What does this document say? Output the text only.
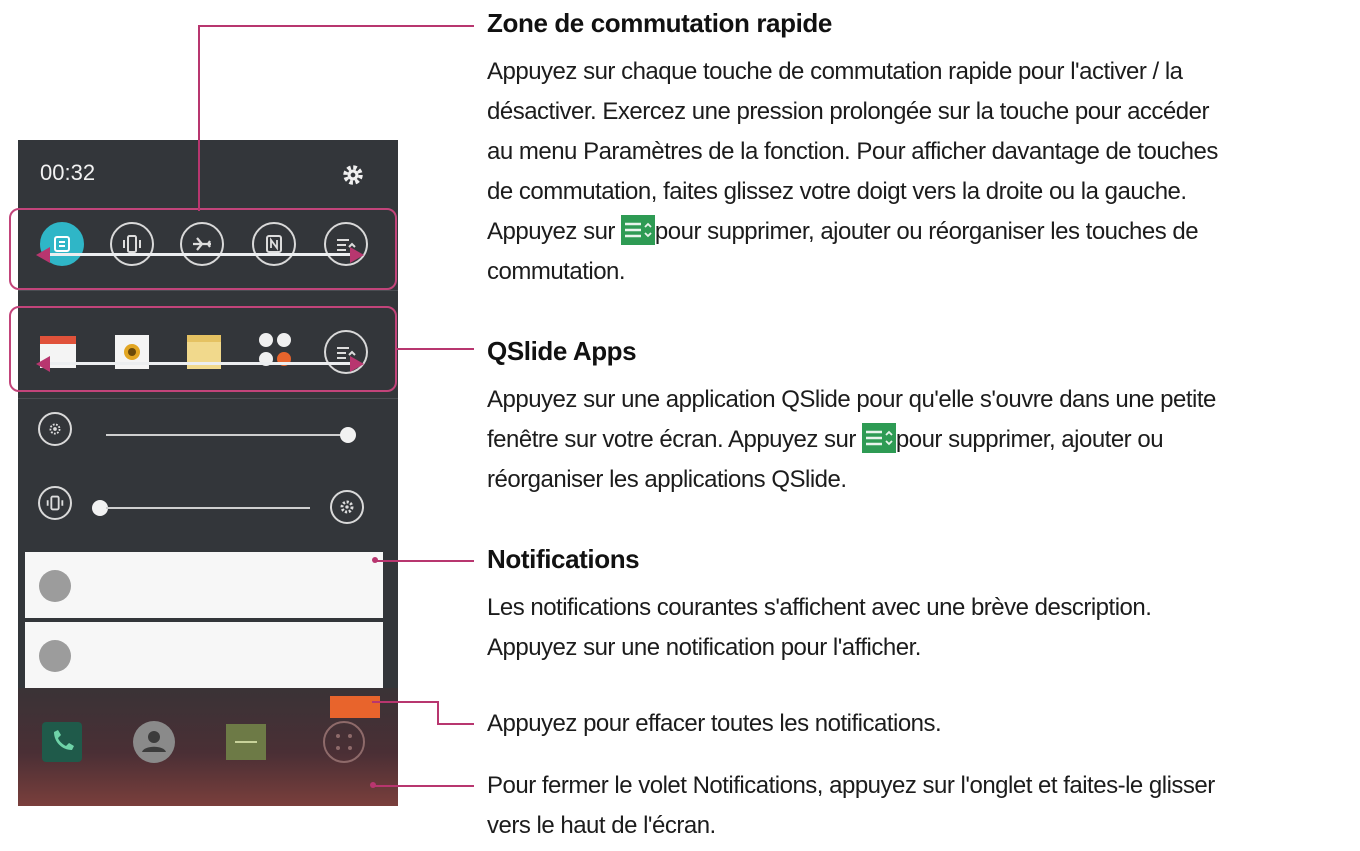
00:32
Zone de commutation rapide
Appuyez sur chaque touche de commutation rapide pour l'activer / la
désactiver. Exercez une pression prolongée sur la touche pour accéder
au menu Paramètres de la fonction. Pour afficher davantage de touches
de commutation, faites glissez votre doigt vers la droite ou la gauche.
Appuyez sur pour supprimer, ajouter ou réorganiser les touches de
commutation.
QSlide Apps
Appuyez sur une application QSlide pour qu'elle s'ouvre dans une petite
fenêtre sur votre écran. Appuyez sur pour supprimer, ajouter ou
réorganiser les applications QSlide.
Notifications
Les notifications courantes s'affichent avec une brève description.
Appuyez sur une notification pour l'afficher.
Appuyez pour effacer toutes les notifications.
Pour fermer le volet Notifications, appuyez sur l'onglet et faites-le glisser
vers le haut de l'écran.
